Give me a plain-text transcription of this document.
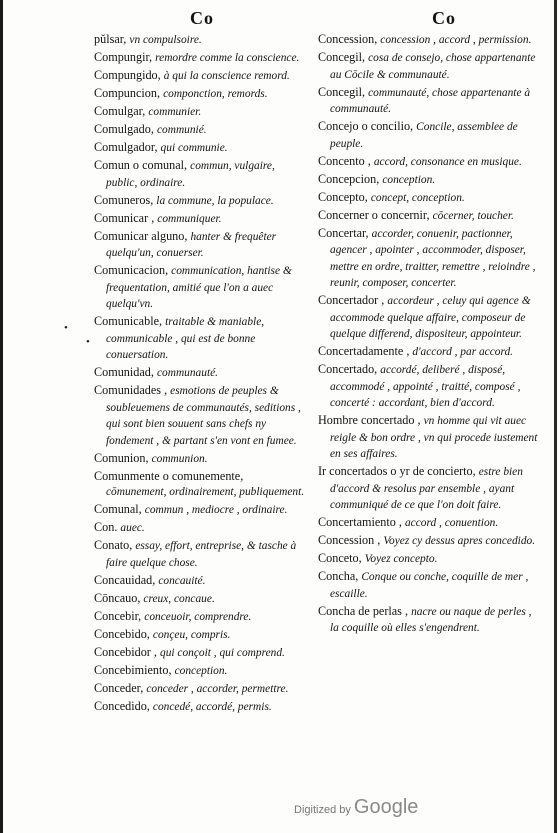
Co	Co
•
•
pŭlsar, vn compulsoire.
Compungir, remordre comme la conscience.
Compungido, à qui la conscience remord.
Compuncion, componction, remords.
Comulgar, communier.
Comulgado, communié.
Comulgador, qui communie.
Comun o comunal, commun, vulgaire, public, ordinaire.
Comuneros, la commune, la populace.
Comunicar , communiquer.
Comunicar alguno, hanter & frequêter quelqu'un, conuerser.
Comunicacion, communication, hantise & frequentation, amitié que l'on a auec quelqu'vn.
Comunicable, traitable & maniable, communicable , qui est de bonne conuersation.
Comunidad, communauté.
Comunidades , esmotions de peuples & soubleuemens de communautés, seditions , qui sont bien souuent sans chefs ny fondement , & partant s'en vont en fumee.
Comunion, communion.
Comunmente o comunemente, cōmunement, ordinairement, publiquement.
Comunal, commun , mediocre , ordinaire.
Con. auec.
Conato, essay, effort, entreprise, & tasche à faire quelque chose.
Concauidad, concauité.
Cōncauo, creux, concaue.
Concebir, conceuoir, comprendre.
Concebido, conçeu, compris.
Concebidor , qui conçoit , qui comprend.
Concebimiento, conception.
Conceder, conceder , accorder, permettre.
Concedido, concedé, accordé, permis.
Concession, concession , accord , permission.
Concegil, cosa de consejo, chose appartenante au Cōcile & communauté.
Concegil, communauté, chose appartenante à communauté.
Concejo o concilio, Concile, assemblee de peuple.
Concento , accord, consonance en musique.
Concepcion, conception.
Concepto, concept, conception.
Concerner o concernir, cōcerner, toucher.
Concertar, accorder, conuenir, pactionner, agencer , apointer , accommoder, disposer, mettre en ordre, traitter, remettre , reioindre , reunir, composer, concerter.
Concertador , accordeur , celuy qui agence & accommode quelque affaire, composeur de quelque differend, dispositeur, appointeur.
Concertadamente , d'accord , par accord.
Concertado, accordé, deliberé , disposé, accommodé , appointé , traitté, composé , concerté : accordant, bien d'accord.
Hombre concertado , vn homme qui vit auec reigle & bon ordre , vn qui procede iustement en ses affaires.
Ir concertados o yr de concierto, estre bien d'accord & resolus par ensemble , ayant communiqué de ce que l'on doit faire.
Concertamiento , accord , conuention.
Concession , Voyez cy dessus apres concedido.
Conceto, Voyez concepto.
Concha, Conque ou conche, coquille de mer , escaille.
Concha de perlas , nacre ou naque de perles , la coquille où elles s'engendrent.
Digitized by Google
